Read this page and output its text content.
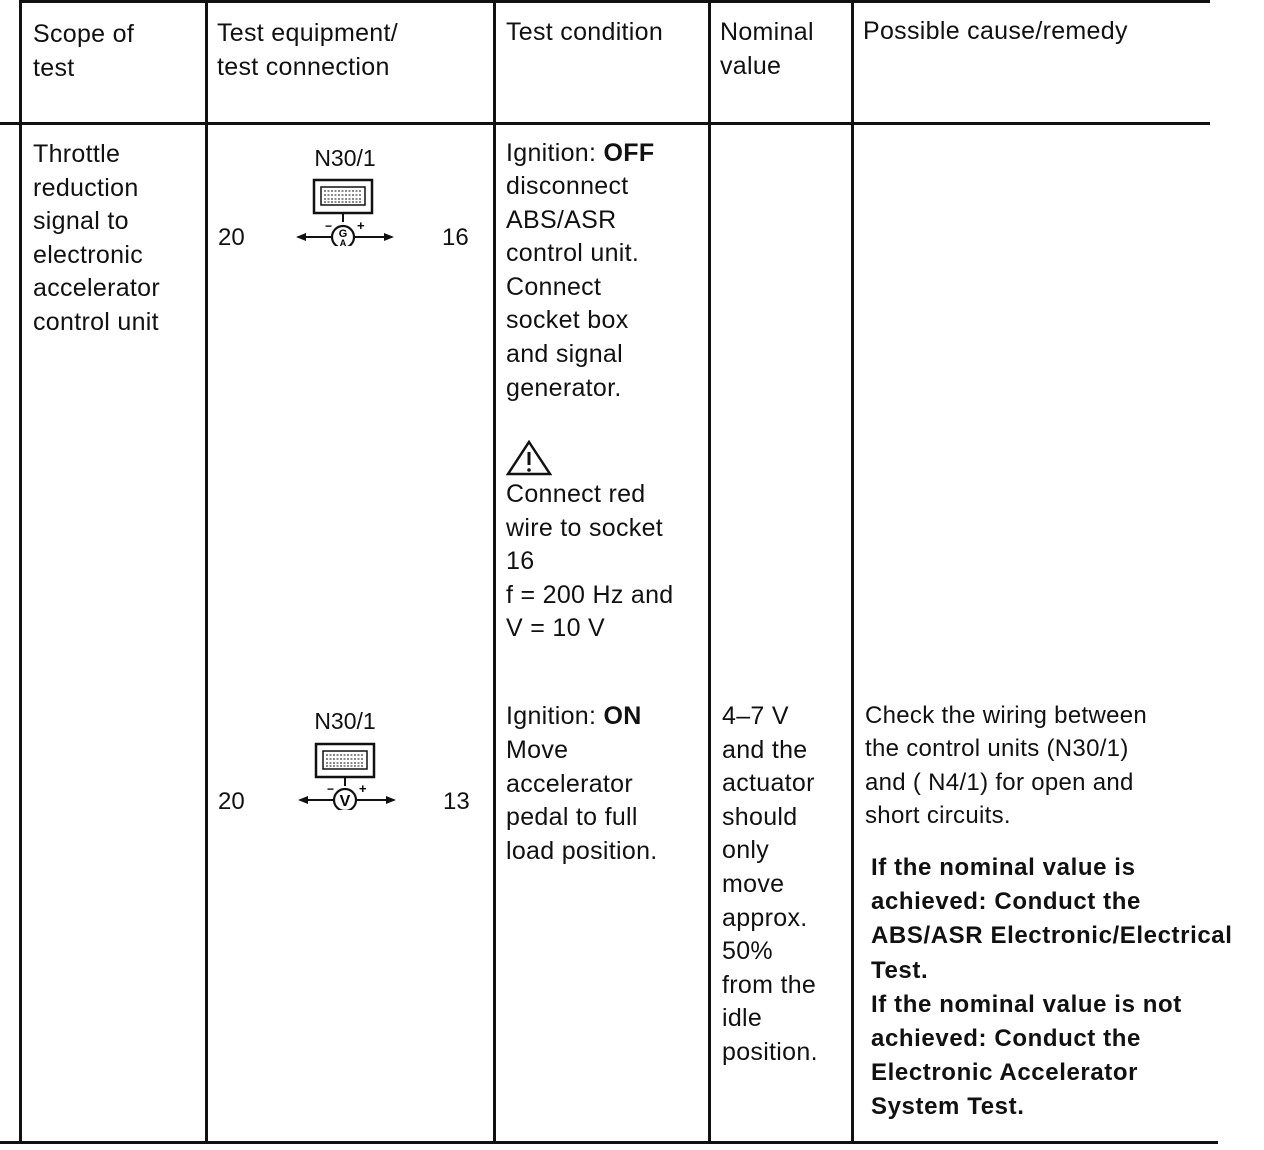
Scope of
test
Test equipment/
test connection
Test condition Nominal
value
Possible cause/remedy
Throttle
reduction
signal to
electronic
accelerator
control unit
N30/1
20	16
G
A
− +
Ignition: OFF
disconnect
ABS/ASR
control unit.
Connect
socket box
and signal
generator.
Connect red
wire to socket
16
f = 200 Hz and
V = 10 V
N30/1
20	13
V
− +
Ignition: ON
Move
accelerator
pedal to full
load position.
4–7 V
and the
actuator
should
only
move
approx.
50%
from the
idle
position.
Check the wiring between
the control units (N30/1)
and ( N4/1) for open and
short circuits.
If the nominal value is
achieved: Conduct the
ABS/ASR Electronic/Electrical
Test.
If the nominal value is not
achieved: Conduct the
Electronic Accelerator
System Test.
